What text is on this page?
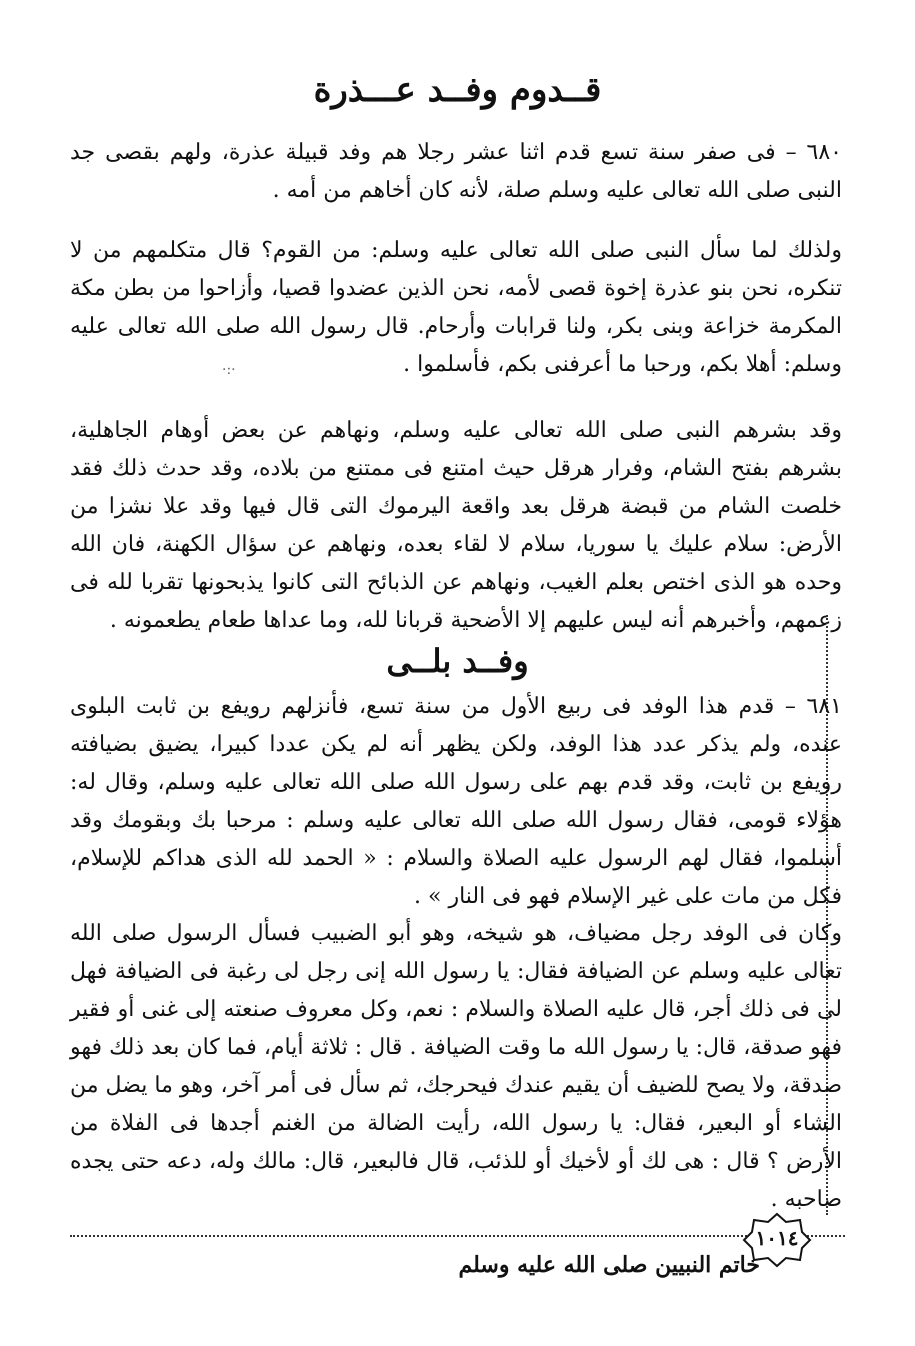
قــدوم وفــد عـــذرة

٦٨٠ – فى صفر سنة تسع قدم اثنا عشر رجلا هم وفد قبيلة عذرة، ولهم بقصى جد النبى صلى الله تعالى عليه وسلم صلة، لأنه كان أخاهم من أمه .

ولذلك لما سأل النبى صلى الله تعالى عليه وسلم: من القوم؟ قال متكلمهم من لا تنكره، نحن بنو عذرة إخوة قصى لأمه، نحن الذين عضدوا قصيا، وأزاحوا من بطن مكة المكرمة خزاعة وبنى بكر، ولنا قرابات وأرحام. قال رسول الله صلى الله تعالى عليه وسلم: أهلا بكم، ورحبا ما أعرفنى بكم، فأسلموا .

·:·

وقد بشرهم النبى صلى الله تعالى عليه وسلم، ونهاهم عن بعض أوهام الجاهلية، بشرهم بفتح الشام، وفرار هرقل حيث امتنع فى ممتنع من بلاده، وقد حدث ذلك فقد خلصت الشام من قبضة هرقل بعد واقعة اليرموك التى قال فيها وقد علا نشزا من الأرض: سلام عليك يا سوريا، سلام لا لقاء بعده، ونهاهم عن سؤال الكهنة، فان الله وحده هو الذى اختص بعلم الغيب، ونهاهم عن الذبائح التى كانوا يذبحونها تقربا لله فى زعمهم، وأخبرهم أنه ليس عليهم إلا الأضحية قربانا لله، وما عداها طعام يطعمونه .

وفــد بلــى

٦٨١ – قدم هذا الوفد فى ربيع الأول من سنة تسع، فأنزلهم رويفع بن ثابت البلوى عنده، ولم يذكر عدد هذا الوفد، ولكن يظهر أنه لم يكن عددا كبيرا، يضيق بضيافته رويفع بن ثابت، وقد قدم بهم على رسول الله صلى الله تعالى عليه وسلم، وقال له: هؤلاء قومى، فقال رسول الله صلى الله تعالى عليه وسلم : مرحبا بك وبقومك وقد أسلموا، فقال لهم الرسول عليه الصلاة والسلام : « الحمد لله الذى هداكم للإسلام، فكل من مات على غير الإسلام فهو فى النار » .

وكان فى الوفد رجل مضياف، هو شيخه، وهو أبو الضبيب فسأل الرسول صلى الله تعالى عليه وسلم عن الضيافة فقال: يا رسول الله إنى رجل لى رغبة فى الضيافة فهل لى فى ذلك أجر، قال عليه الصلاة والسلام : نعم، وكل معروف صنعته إلى غنى أو فقير فهو صدقة، قال: يا رسول الله ما وقت الضيافة . قال : ثلاثة أيام، فما كان بعد ذلك فهو صدقة، ولا يصح للضيف أن يقيم عندك فيحرجك، ثم سأل فى أمر آخر، وهو ما يضل من الشاء أو البعير، فقال: يا رسول الله، رأيت الضالة من الغنم أجدها فى الفلاة من الأرض ؟ قال : هى لك أو لأخيك أو للذئب، قال فالبعير، قال: مالك وله، دعه حتى يجده صاحبه .

١٠١٤

خاتم النبيين صلى الله عليه وسلم
